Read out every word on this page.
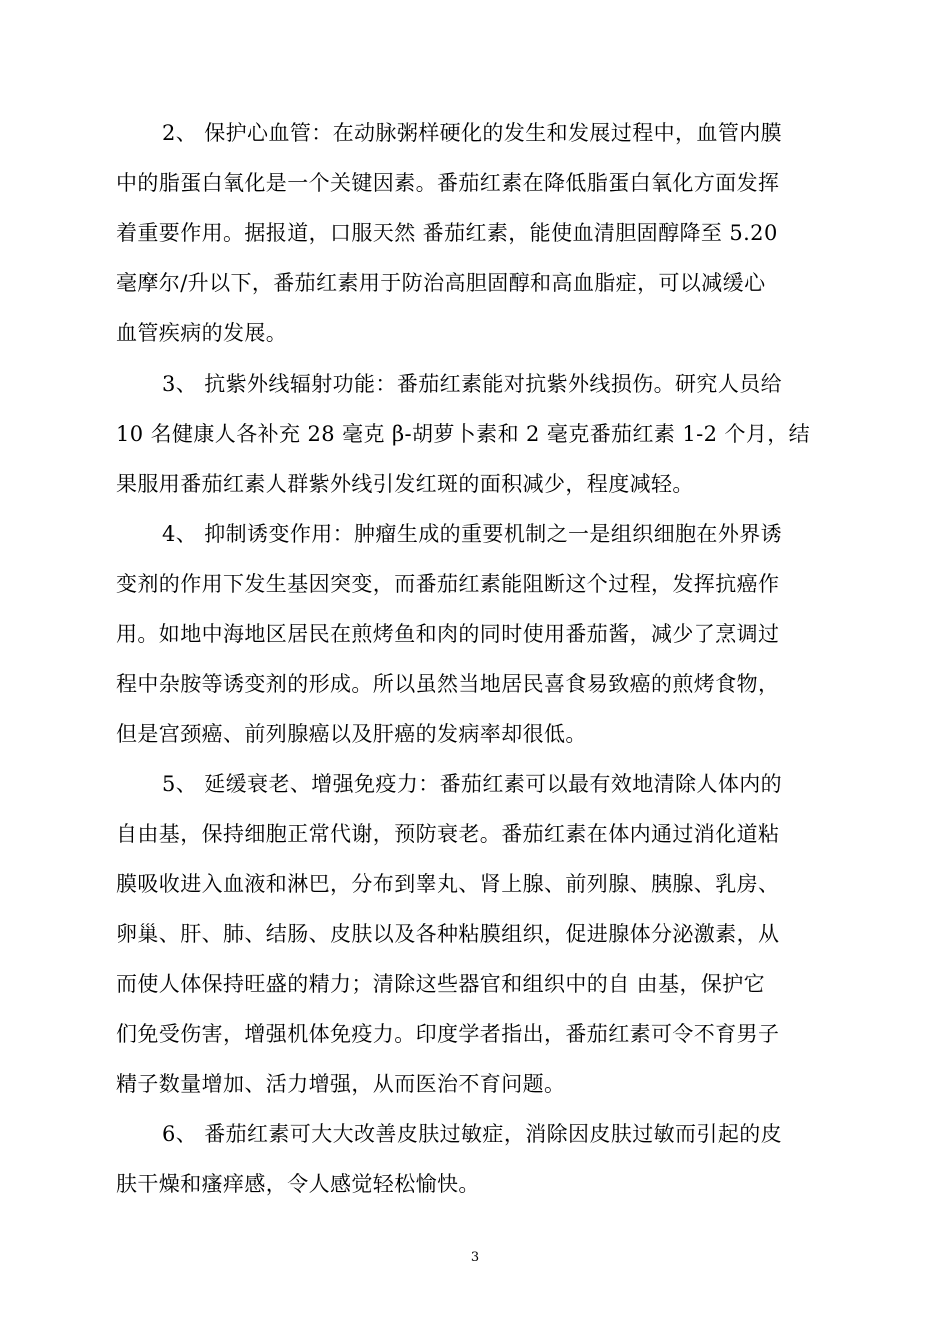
2、 保护心血管：在动脉粥样硬化的发生和发展过程中，血管内膜
中的脂蛋白氧化是一个关键因素。番茄红素在降低脂蛋白氧化方面发挥
着重要作用。据报道，口服天然 番茄红素，能使血清胆固醇降至 5.20
毫摩尔/升以下，番茄红素用于防治高胆固醇和高血脂症，可以减缓心
血管疾病的发展。
3、 抗紫外线辐射功能：番茄红素能对抗紫外线损伤。研究人员给
10 名健康人各补充 28 毫克 β-胡萝卜素和 2 毫克番茄红素 1-2 个月，结
果服用番茄红素人群紫外线引发红斑的面积减少，程度减轻。
4、 抑制诱变作用：肿瘤生成的重要机制之一是组织细胞在外界诱
变剂的作用下发生基因突变，而番茄红素能阻断这个过程，发挥抗癌作
用。如地中海地区居民在煎烤鱼和肉的同时使用番茄酱，减少了烹调过
程中杂胺等诱变剂的形成。所以虽然当地居民喜食易致癌的煎烤食物，
但是宫颈癌、前列腺癌以及肝癌的发病率却很低。
5、 延缓衰老、增强免疫力：番茄红素可以最有效地清除人体内的
自由基，保持细胞正常代谢，预防衰老。番茄红素在体内通过消化道粘
膜吸收进入血液和淋巴，分布到睾丸、肾上腺、前列腺、胰腺、乳房、
卵巢、肝、肺、结肠、皮肤以及各种粘膜组织，促进腺体分泌激素，从
而使人体保持旺盛的精力；清除这些器官和组织中的自 由基，保护它
们免受伤害，增强机体免疫力。印度学者指出，番茄红素可令不育男子
精子数量增加、活力增强，从而医治不育问题。
6、 番茄红素可大大改善皮肤过敏症，消除因皮肤过敏而引起的皮
肤干燥和瘙痒感，令人感觉轻松愉快。
3
